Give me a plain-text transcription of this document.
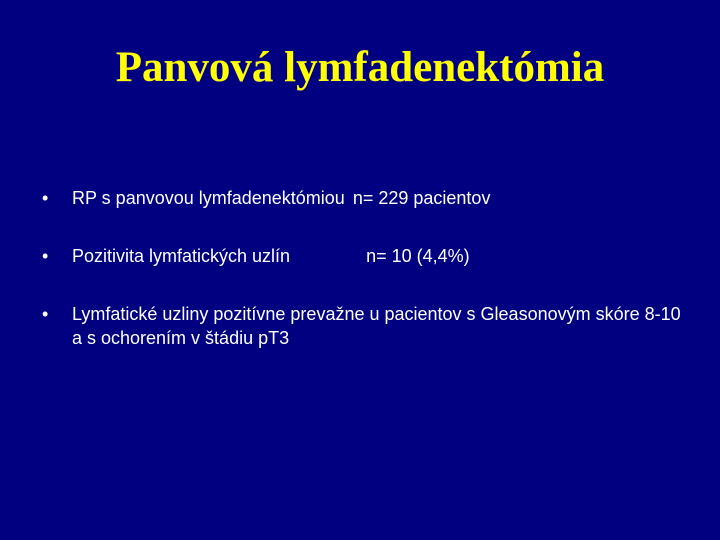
Panvová lymfadenektómia
•	RP s panvovou lymfadenektómiou n= 229 pacientov
•	Pozitivita lymfatických uzlín	n= 10 (4,4%)
•	Lymfatické uzliny pozitívne prevažne u pacientov s Gleasonovým skóre 8-10 a s ochorením v štádiu pT3
